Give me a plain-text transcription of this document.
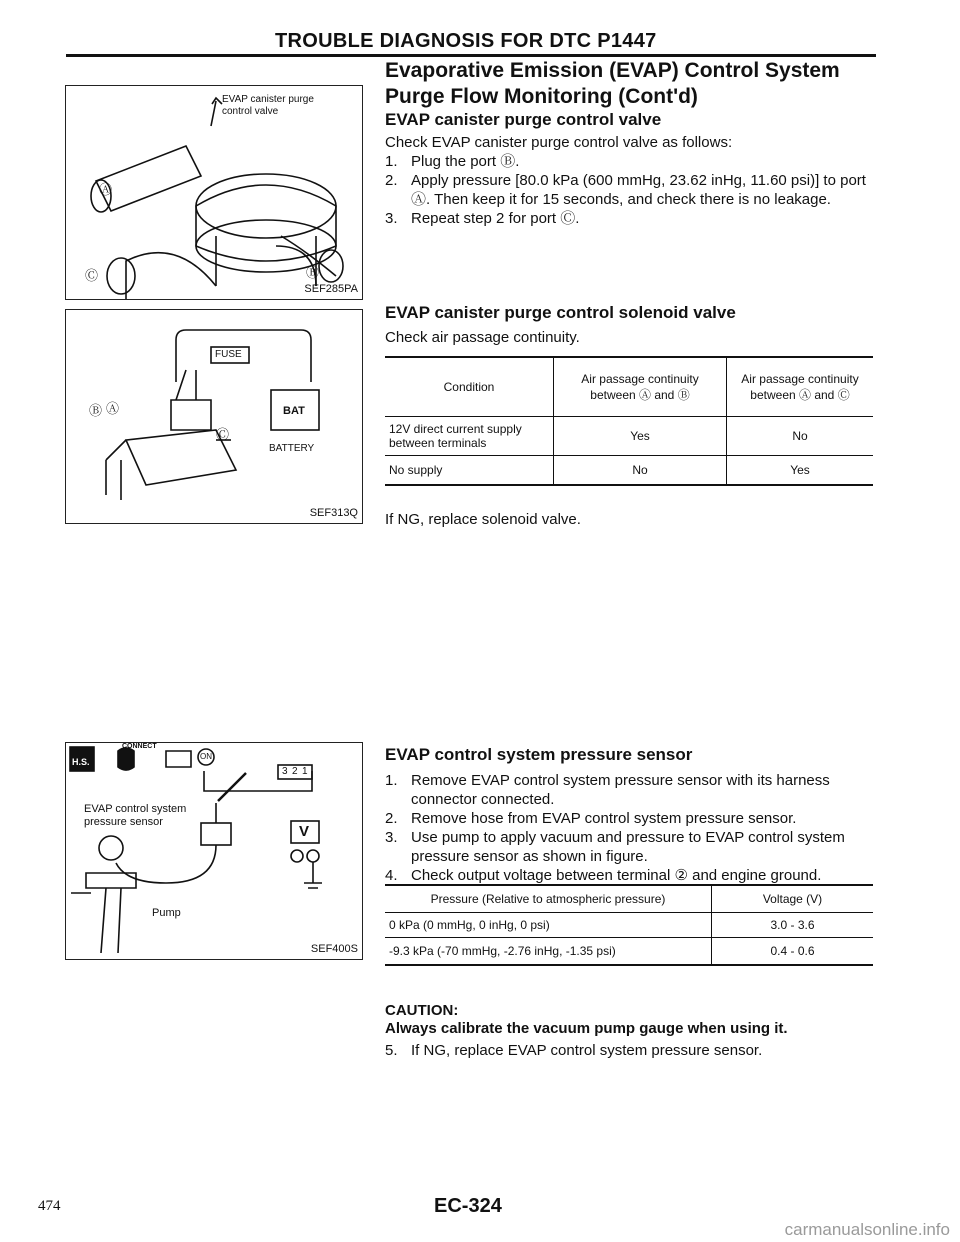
TROUBLE DIAGNOSIS FOR DTC P1447
Evaporative Emission (EVAP) Control System Purge Flow Monitoring (Cont'd)
EVAP canister purge control valve
Ⓐ
Ⓒ	Ⓑ
SEF285PA
FUSE
BAT
BATTERY
Ⓑ Ⓐ
Ⓒ
SEF313Q
CONNECT
H.S.
ON
3 2 1
EVAP control system pressure sensor
Pump
V
SEF400S
EVAP canister purge control valve
Check EVAP canister purge control valve as follows:
1. Plug the port Ⓑ.
2. Apply pressure [80.0 kPa (600 mmHg, 23.62 inHg, 11.60 psi)] to port Ⓐ. Then keep it for 15 seconds, and check there is no leakage.
3. Repeat step 2 for port Ⓒ.
EVAP canister purge control solenoid valve
Check air passage continuity.
Condition	Air passage continuity between Ⓐ and Ⓑ	Air passage continuity between Ⓐ and Ⓒ
12V direct current supply between terminals	Yes	No
No supply	No	Yes
If NG, replace solenoid valve.
EVAP control system pressure sensor
1. Remove EVAP control system pressure sensor with its harness connector connected.
2. Remove hose from EVAP control system pressure sensor.
3. Use pump to apply vacuum and pressure to EVAP control system pressure sensor as shown in figure.
4. Check output voltage between terminal ② and engine ground.
Pressure (Relative to atmospheric pressure)	Voltage (V)
0 kPa (0 mmHg, 0 inHg, 0 psi)	3.0 - 3.6
-9.3 kPa (-70 mmHg, -2.76 inHg, -1.35 psi)	0.4 - 0.6
CAUTION:
Always calibrate the vacuum pump gauge when using it.
5. If NG, replace EVAP control system pressure sensor.
474	EC-324
carmanualsonline.info
